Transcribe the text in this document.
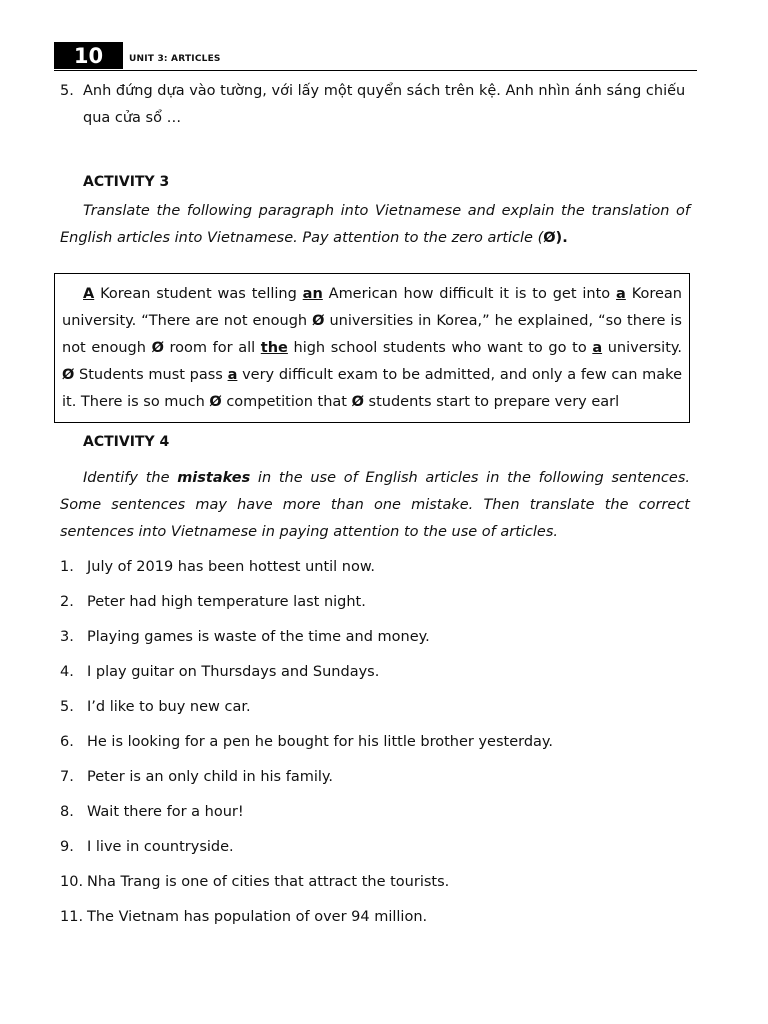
10	UNIT 3: ARTICLES
5. Anh đứng dựa vào tường, với lấy một quyển sách trên kệ. Anh nhìn ánh sáng chiếu qua cửa sổ …
ACTIVITY 3

Translate the following paragraph into Vietnamese and explain the translation of English articles into Vietnamese. Pay attention to the zero article (Ø).

A Korean student was telling an American how difficult it is to get into a Korean university. “There are not enough Ø universities in Korea,” he explained, “so there is not enough Ø room for all the high school students who want to go to a university. Ø Students must pass a very difficult exam to be admitted, and only a few can make it. There is so much Ø competition that Ø students start to prepare very earl
ACTIVITY 4

Identify the mistakes in the use of English articles in the following sentences. Some sentences may have more than one mistake. Then translate the correct sentences into Vietnamese in paying attention to the use of articles.

1. July of 2019 has been hottest until now.
2. Peter had high temperature last night.
3. Playing games is waste of the time and money.
4. I play guitar on Thursdays and Sundays.
5. I’d like to buy new car.
6. He is looking for a pen he bought for his little brother yesterday.
7. Peter is an only child in his family.
8. Wait there for a hour!
9. I live in countryside.
10. Nha Trang is one of cities that attract the tourists.
11. The Vietnam has population of over 94 million.
